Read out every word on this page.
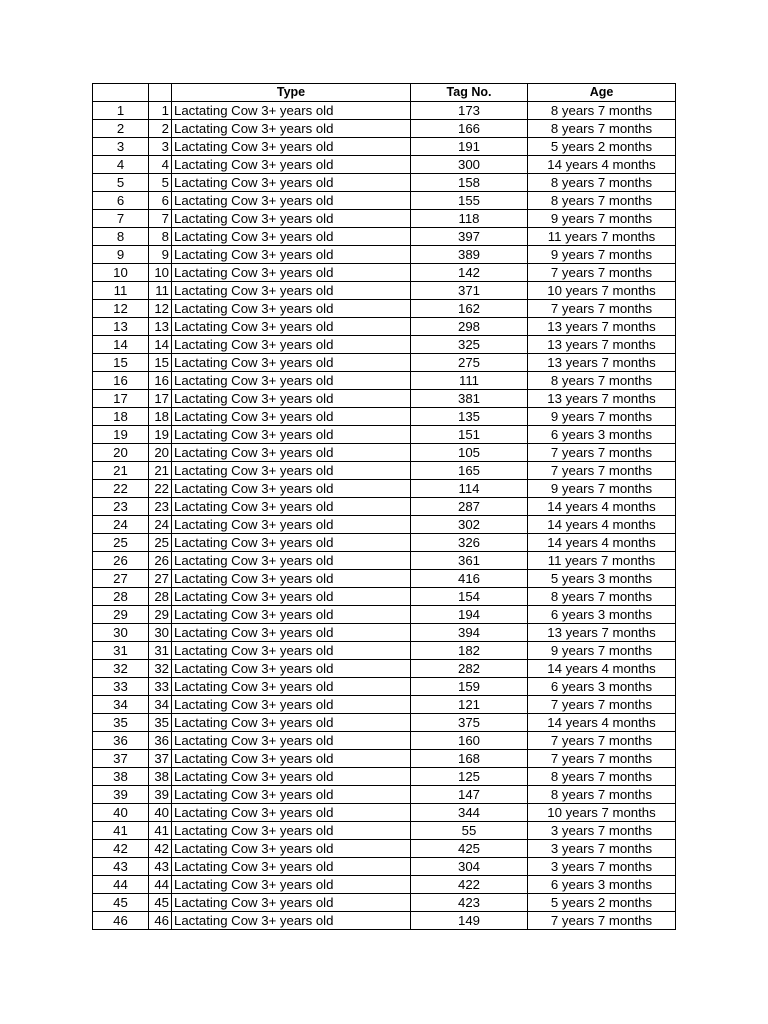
		Type	Tag No.	Age
1	1	Lactating Cow 3+ years old	173	8 years 7 months
2	2	Lactating Cow 3+ years old	166	8 years 7 months
3	3	Lactating Cow 3+ years old	191	5 years 2 months
4	4	Lactating Cow 3+ years old	300	14 years 4 months
5	5	Lactating Cow 3+ years old	158	8 years 7 months
6	6	Lactating Cow 3+ years old	155	8 years 7 months
7	7	Lactating Cow 3+ years old	118	9 years 7 months
8	8	Lactating Cow 3+ years old	397	11 years 7 months
9	9	Lactating Cow 3+ years old	389	9 years 7 months
10	10	Lactating Cow 3+ years old	142	7 years 7 months
11	11	Lactating Cow 3+ years old	371	10 years 7 months
12	12	Lactating Cow 3+ years old	162	7 years 7 months
13	13	Lactating Cow 3+ years old	298	13 years 7 months
14	14	Lactating Cow 3+ years old	325	13 years 7 months
15	15	Lactating Cow 3+ years old	275	13 years 7 months
16	16	Lactating Cow 3+ years old	111	8 years 7 months
17	17	Lactating Cow 3+ years old	381	13 years 7 months
18	18	Lactating Cow 3+ years old	135	9 years 7 months
19	19	Lactating Cow 3+ years old	151	6 years 3 months
20	20	Lactating Cow 3+ years old	105	7 years 7 months
21	21	Lactating Cow 3+ years old	165	7 years 7 months
22	22	Lactating Cow 3+ years old	114	9 years 7 months
23	23	Lactating Cow 3+ years old	287	14 years 4 months
24	24	Lactating Cow 3+ years old	302	14 years 4 months
25	25	Lactating Cow 3+ years old	326	14 years 4 months
26	26	Lactating Cow 3+ years old	361	11 years 7 months
27	27	Lactating Cow 3+ years old	416	5 years 3 months
28	28	Lactating Cow 3+ years old	154	8 years 7 months
29	29	Lactating Cow 3+ years old	194	6 years 3 months
30	30	Lactating Cow 3+ years old	394	13 years 7 months
31	31	Lactating Cow 3+ years old	182	9 years 7 months
32	32	Lactating Cow 3+ years old	282	14 years 4 months
33	33	Lactating Cow 3+ years old	159	6 years 3 months
34	34	Lactating Cow 3+ years old	121	7 years 7 months
35	35	Lactating Cow 3+ years old	375	14 years 4 months
36	36	Lactating Cow 3+ years old	160	7 years 7 months
37	37	Lactating Cow 3+ years old	168	7 years 7 months
38	38	Lactating Cow 3+ years old	125	8 years 7 months
39	39	Lactating Cow 3+ years old	147	8 years 7 months
40	40	Lactating Cow 3+ years old	344	10 years 7 months
41	41	Lactating Cow 3+ years old	55	3 years 7 months
42	42	Lactating Cow 3+ years old	425	3 years 7 months
43	43	Lactating Cow 3+ years old	304	3 years 7 months
44	44	Lactating Cow 3+ years old	422	6 years 3 months
45	45	Lactating Cow 3+ years old	423	5 years 2 months
46	46	Lactating Cow 3+ years old	149	7 years 7 months
